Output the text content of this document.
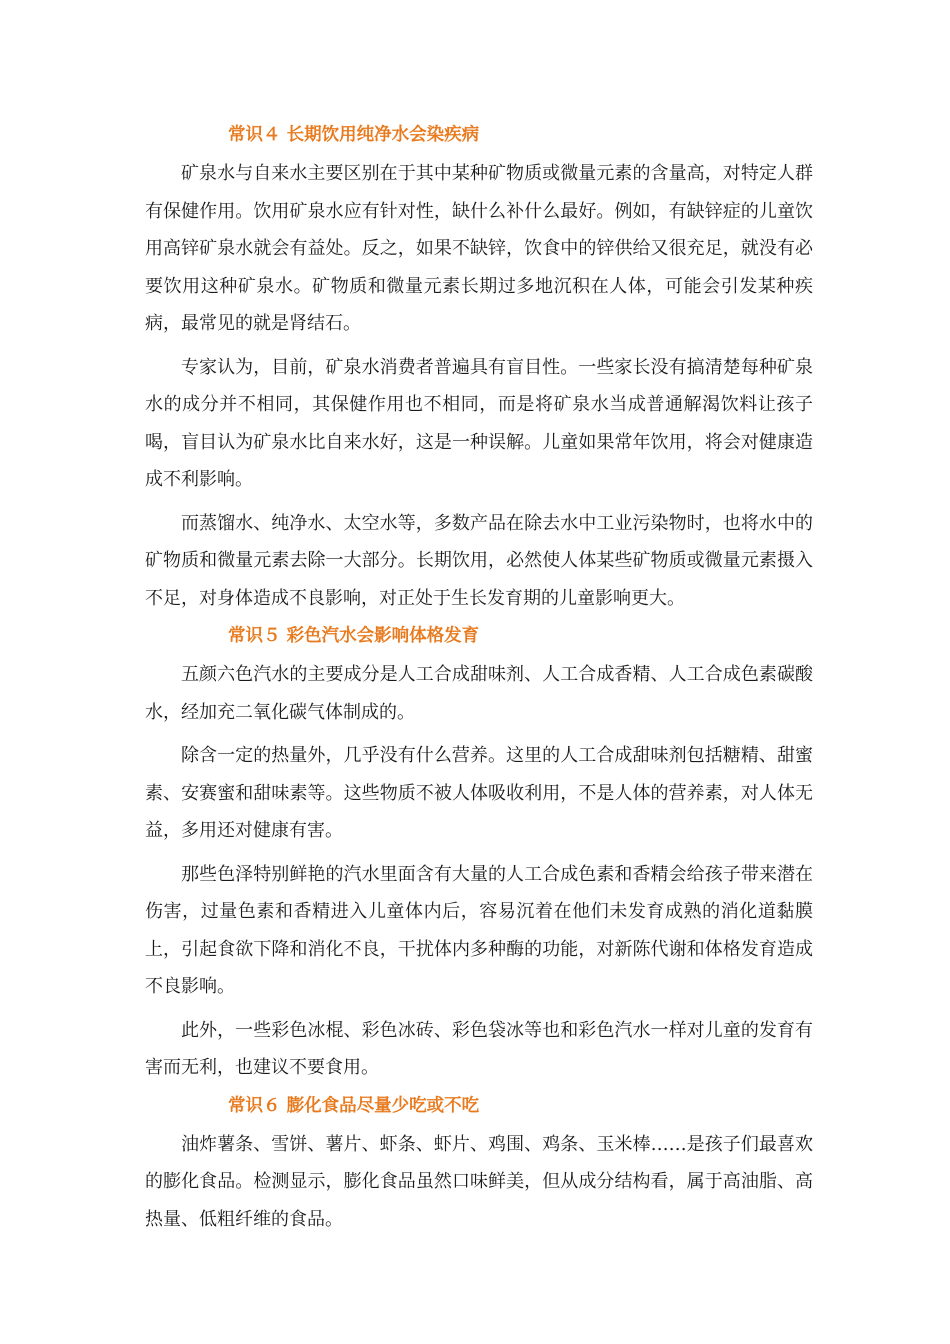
常识４ 长期饮用纯净水会染疾病

矿泉水与自来水主要区别在于其中某种矿物质或微量元素的含量高，对特定人群有保健作用。饮用矿泉水应有针对性，缺什么补什么最好。例如，有缺锌症的儿童饮用高锌矿泉水就会有益处。反之，如果不缺锌，饮食中的锌供给又很充足，就没有必要饮用这种矿泉水。矿物质和微量元素长期过多地沉积在人体，可能会引发某种疾病，最常见的就是肾结石。

专家认为，目前，矿泉水消费者普遍具有盲目性。一些家长没有搞清楚每种矿泉水的成分并不相同，其保健作用也不相同，而是将矿泉水当成普通解渴饮料让孩子喝，盲目认为矿泉水比自来水好，这是一种误解。儿童如果常年饮用，将会对健康造成不利影响。

而蒸馏水、纯净水、太空水等，多数产品在除去水中工业污染物时，也将水中的矿物质和微量元素去除一大部分。长期饮用，必然使人体某些矿物质或微量元素摄入不足，对身体造成不良影响，对正处于生长发育期的儿童影响更大。

常识５ 彩色汽水会影响体格发育

五颜六色汽水的主要成分是人工合成甜味剂、人工合成香精、人工合成色素碳酸水，经加充二氧化碳气体制成的。

除含一定的热量外，几乎没有什么营养。这里的人工合成甜味剂包括糖精、甜蜜素、安赛蜜和甜味素等。这些物质不被人体吸收利用，不是人体的营养素，对人体无益，多用还对健康有害。

那些色泽特别鲜艳的汽水里面含有大量的人工合成色素和香精会给孩子带来潜在伤害，过量色素和香精进入儿童体内后，容易沉着在他们未发育成熟的消化道黏膜上，引起食欲下降和消化不良，干扰体内多种酶的功能，对新陈代谢和体格发育造成不良影响。

此外，一些彩色冰棍、彩色冰砖、彩色袋冰等也和彩色汽水一样对儿童的发育有害而无利，也建议不要食用。

常识６ 膨化食品尽量少吃或不吃

油炸薯条、雪饼、薯片、虾条、虾片、鸡围、鸡条、玉米棒……是孩子们最喜欢的膨化食品。检测显示，膨化食品虽然口味鲜美，但从成分结构看，属于高油脂、高热量、低粗纤维的食品。
